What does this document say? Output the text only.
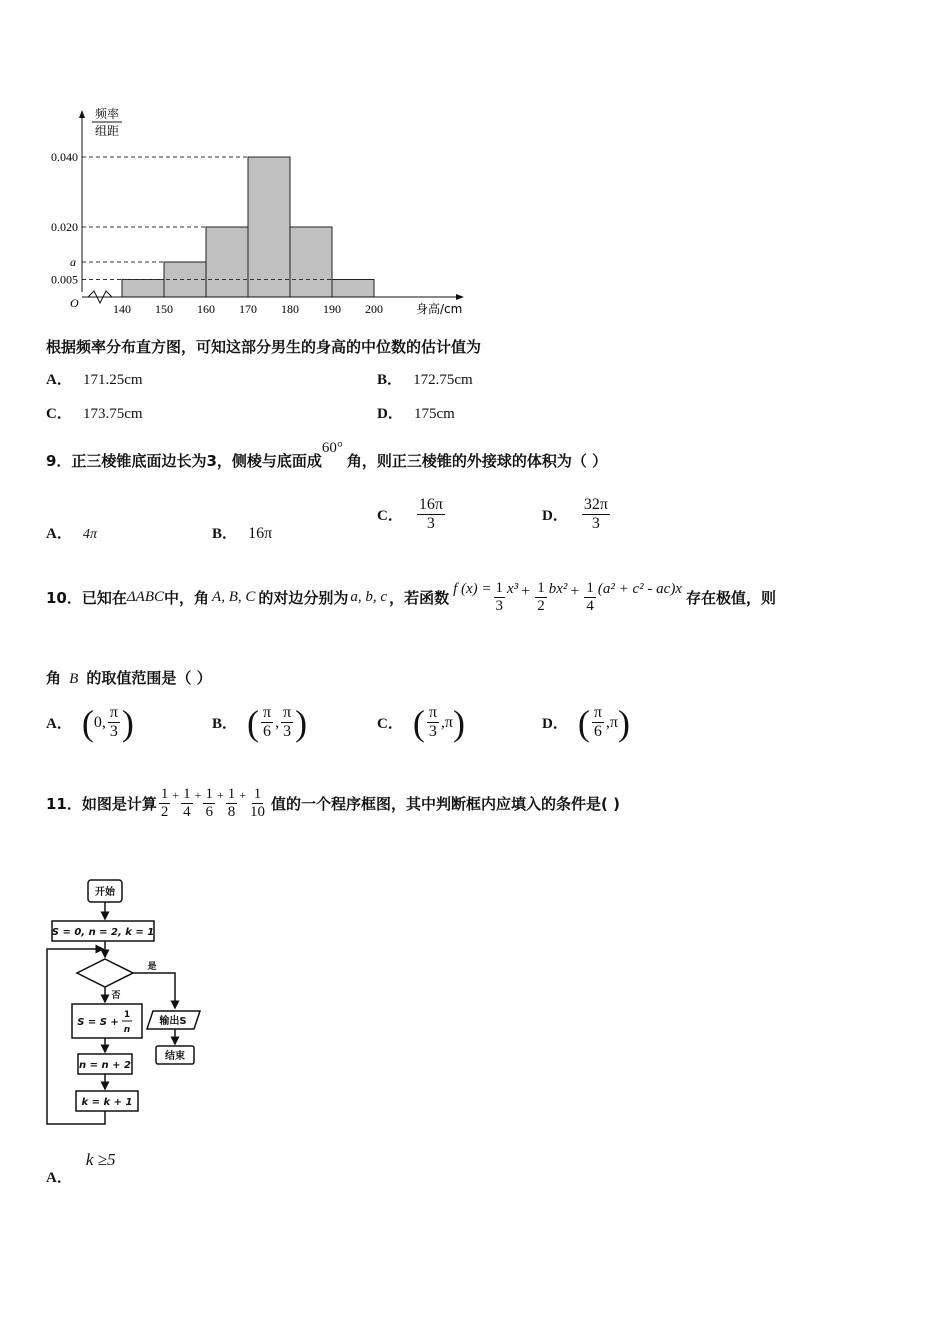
0.040
0.020
a
0.005
140 150 160 170 180 190 200
O	身高/cm
频率
组距
根据频率分布直方图，可知这部分男生的身高的中位数的估计值为
A． 171.25cm	B． 172.75cm
C． 173.75cm	D． 175cm
9．正三棱锥底面边长为3，侧棱与底面成60°角，则正三棱锥的外接球的体积为（ ）
A． 4π	B． 16π
C． $\frac{16\pi}{3}$	D． $\frac{32\pi}{3}$
10．已知在 ΔABC 中，角 A, B, C 的对边分别为 a, b, c ，若函数 f $(x) = \frac{1}{3} x^3 + \frac{1}{2} bx^2 + \frac{1}{4} (a^2 + c^2 - ac)x$ 存在极值，则
角 B 的取值范围是（ ）
A． ( 0, $\frac{\pi}{3}$ )	B． ( $\frac{\pi}{6}$ , $\frac{\pi}{3}$ )	C． ( $\frac{\pi}{3} ,\pi$ )	D． ( $\frac{\pi}{6} ,\pi$ )
11．如图是计算 $\frac{1}{2} + \frac{1}{4} + \frac{1}{6} + \frac{1}{8} + \frac{1}{10}$ 值的一个程序框图，其中判断框内应填入的条件是( )
开始
S = 0, n = 2, k = 1
是
否
S = S +
1
n
输出S
结束
n = n + 2
k = k + 1
A．
k ≥5
